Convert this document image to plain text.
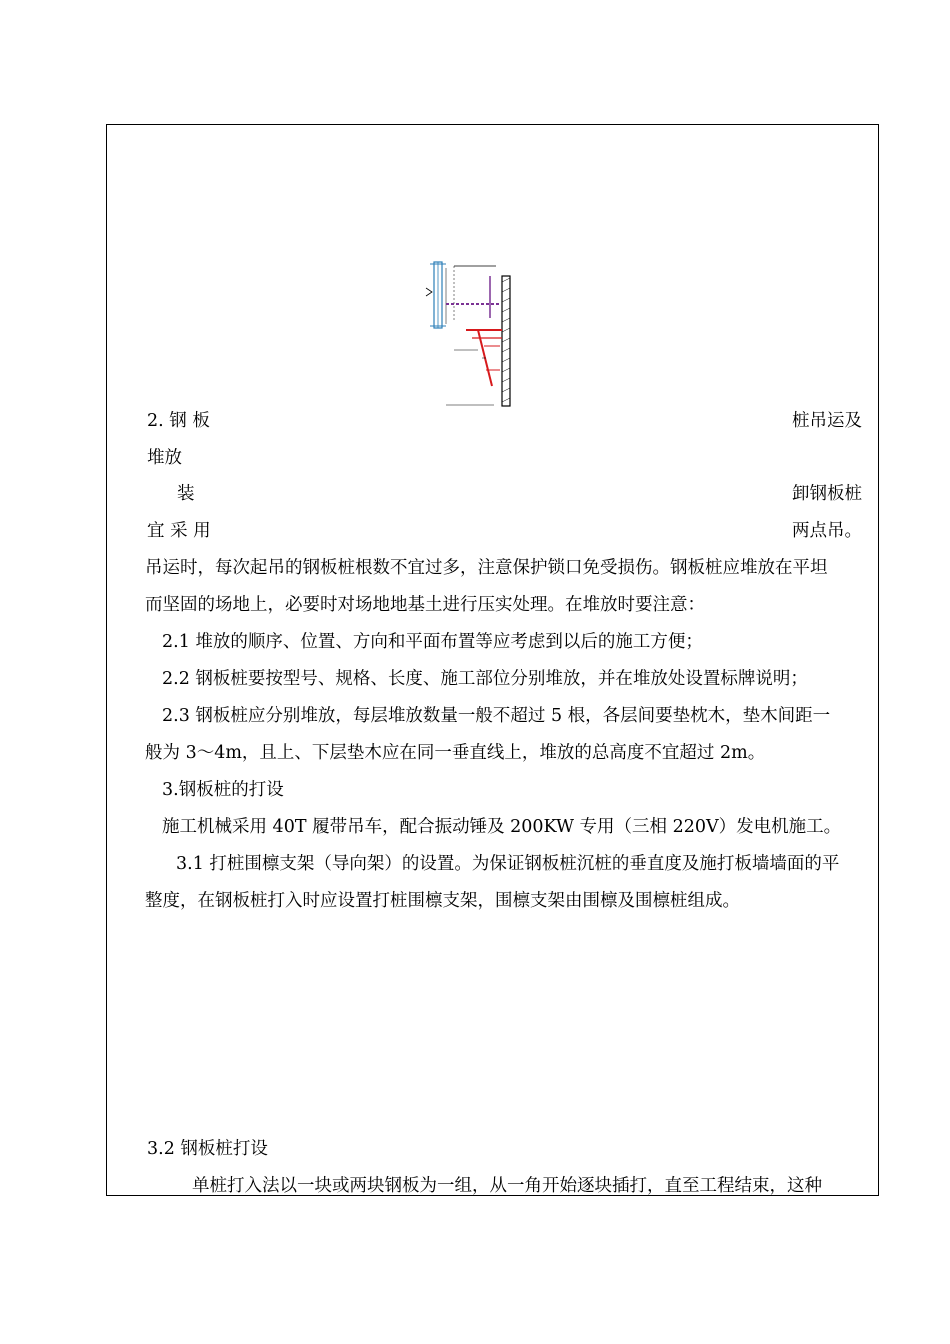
2. 钢 板	桩吊运及
堆放
装	卸钢板桩
宜 采 用	两点吊。
吊运时，每次起吊的钢板桩根数不宜过多，注意保护锁口免受损伤。钢板桩应堆放在平坦
而坚固的场地上，必要时对场地地基土进行压实处理。在堆放时要注意：
2.1 堆放的顺序、位置、方向和平面布置等应考虑到以后的施工方便；
2.2 钢板桩要按型号、规格、长度、施工部位分别堆放，并在堆放处设置标牌说明；
2.3 钢板桩应分别堆放，每层堆放数量一般不超过 5 根，各层间要垫枕木，垫木间距一
般为 3～4m，且上、下层垫木应在同一垂直线上，堆放的总高度不宜超过 2m。
3.钢板桩的打设
施工机械采用 40T 履带吊车，配合振动锤及 200KW 专用（三相 220V）发电机施工。
3.1 打桩围檩支架（导向架）的设置。为保证钢板桩沉桩的垂直度及施打板墙墙面的平
整度，在钢板桩打入时应设置打桩围檩支架，围檩支架由围檩及围檩桩组成。
3.2 钢板桩打设
单桩打入法以一块或两块钢板为一组，从一角开始逐块插打，直至工程结束，这种
